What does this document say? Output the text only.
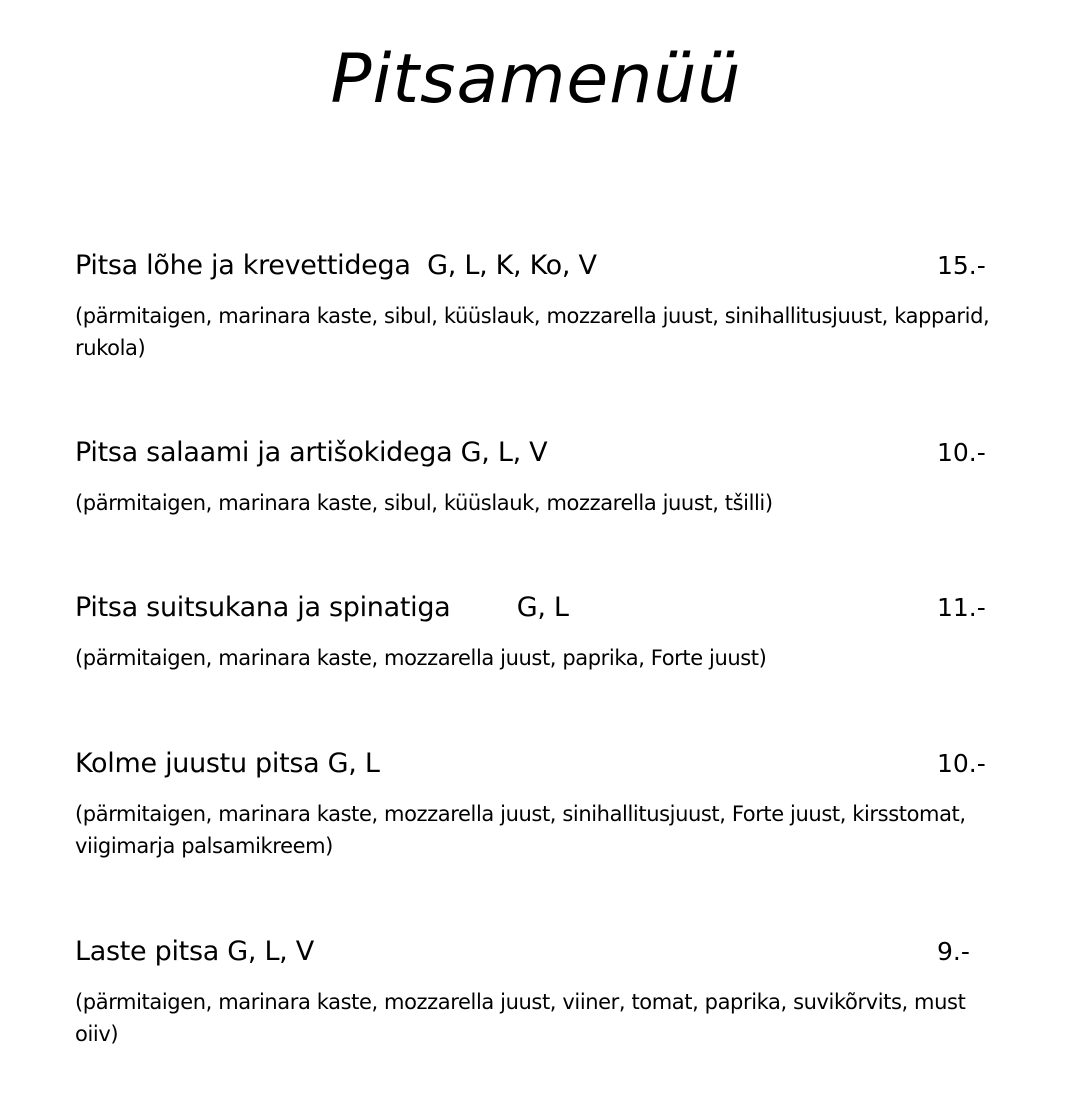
Pitsamenüü
Pitsa lõhe ja krevettidega  G, L, K, Ko, V	15.-
(pärmitaigen, marinara kaste, sibul, küüslauk, mozzarella juust, sinihallitusjuust, kapparid, rukola)
Pitsa salaami ja artišokidega G, L, V	10.-
(pärmitaigen, marinara kaste, sibul, küüslauk, mozzarella juust, tšilli)
Pitsa suitsukana ja spinatiga        G, L	11.-
(pärmitaigen, marinara kaste, mozzarella juust, paprika, Forte juust)
Kolme juustu pitsa G, L	10.-
(pärmitaigen, marinara kaste, mozzarella juust, sinihallitusjuust, Forte juust, kirsstomat, viigimarja palsamikreem)
Laste pitsa G, L, V	9.-
(pärmitaigen, marinara kaste, mozzarella juust, viiner, tomat, paprika, suvikõrvits, must oiiv)
